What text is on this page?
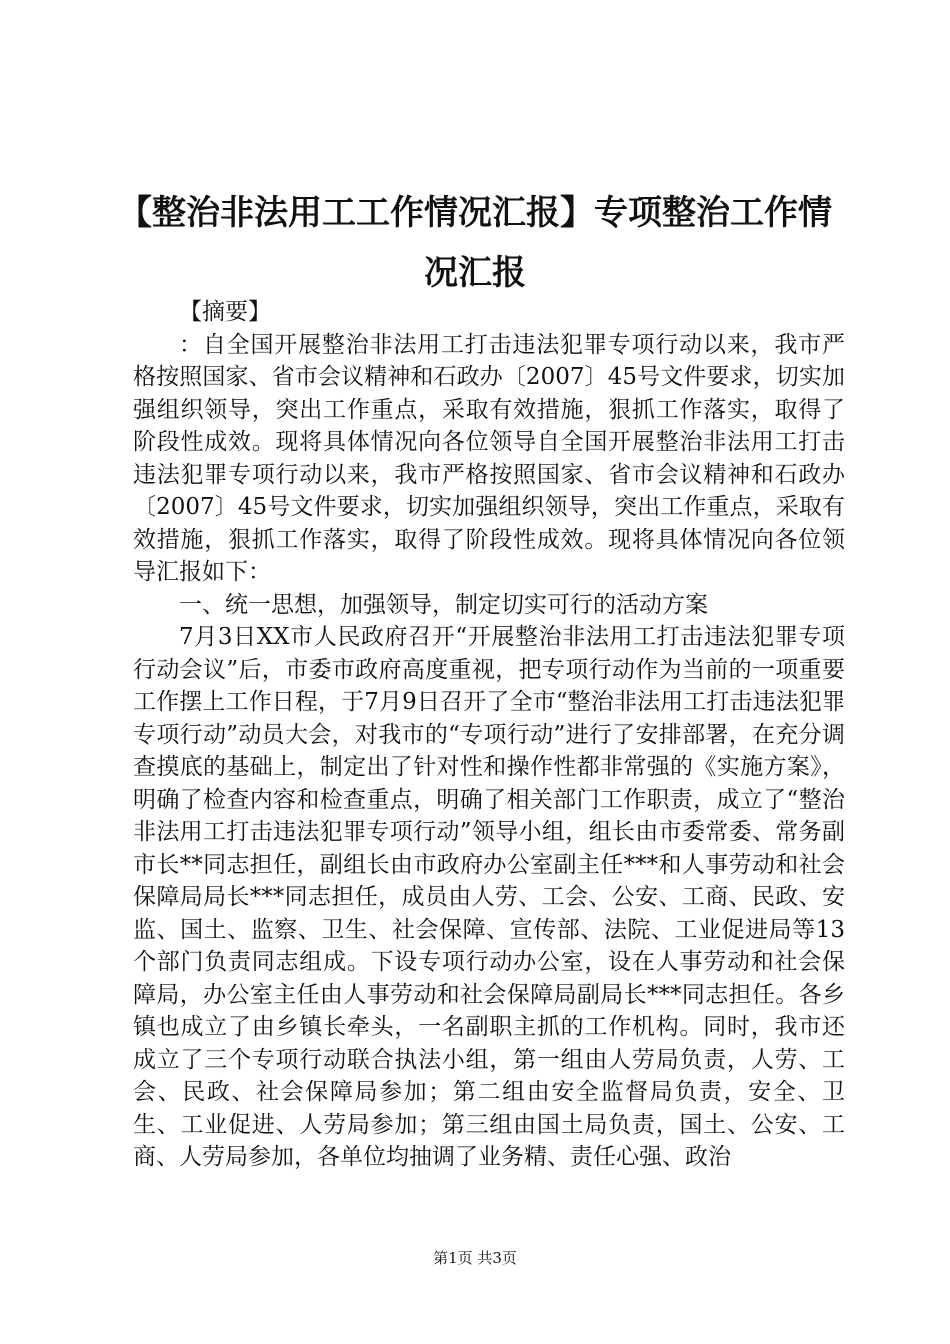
【整治非法用工工作情况汇报】专项整治工作情况汇报

【摘要】

：自全国开展整治非法用工打击违法犯罪专项行动以来，我市严格按照国家、省市会议精神和石政办〔2007〕45号文件要求，切实加强组织领导，突出工作重点，采取有效措施，狠抓工作落实，取得了阶段性成效。现将具体情况向各位领导自全国开展整治非法用工打击违法犯罪专项行动以来，我市严格按照国家、省市会议精神和石政办〔2007〕45号文件要求，切实加强组织领导，突出工作重点，采取有效措施，狠抓工作落实，取得了阶段性成效。现将具体情况向各位领导汇报如下：

一、统一思想，加强领导，制定切实可行的活动方案

7月3日XX市人民政府召开“开展整治非法用工打击违法犯罪专项行动会议”后，市委市政府高度重视，把专项行动作为当前的一项重要工作摆上工作日程，于7月9日召开了全市“整治非法用工打击违法犯罪专项行动”动员大会，对我市的“专项行动”进行了安排部署，在充分调查摸底的基础上，制定出了针对性和操作性都非常强的《实施方案》，明确了检查内容和检查重点，明确了相关部门工作职责，成立了“整治非法用工打击违法犯罪专项行动”领导小组，组长由市委常委、常务副市长**同志担任，副组长由市政府办公室副主任***和人事劳动和社会保障局局长***同志担任，成员由人劳、工会、公安、工商、民政、安监、国土、监察、卫生、社会保障、宣传部、法院、工业促进局等13个部门负责同志组成。下设专项行动办公室，设在人事劳动和社会保障局，办公室主任由人事劳动和社会保障局副局长***同志担任。各乡镇也成立了由乡镇长牵头，一名副职主抓的工作机构。同时，我市还成立了三个专项行动联合执法小组，第一组由人劳局负责，人劳、工会、民政、社会保障局参加；第二组由安全监督局负责，安全、卫生、工业促进、人劳局参加；第三组由国土局负责，国土、公安、工商、人劳局参加，各单位均抽调了业务精、责任心强、政治

第1页 共3页
